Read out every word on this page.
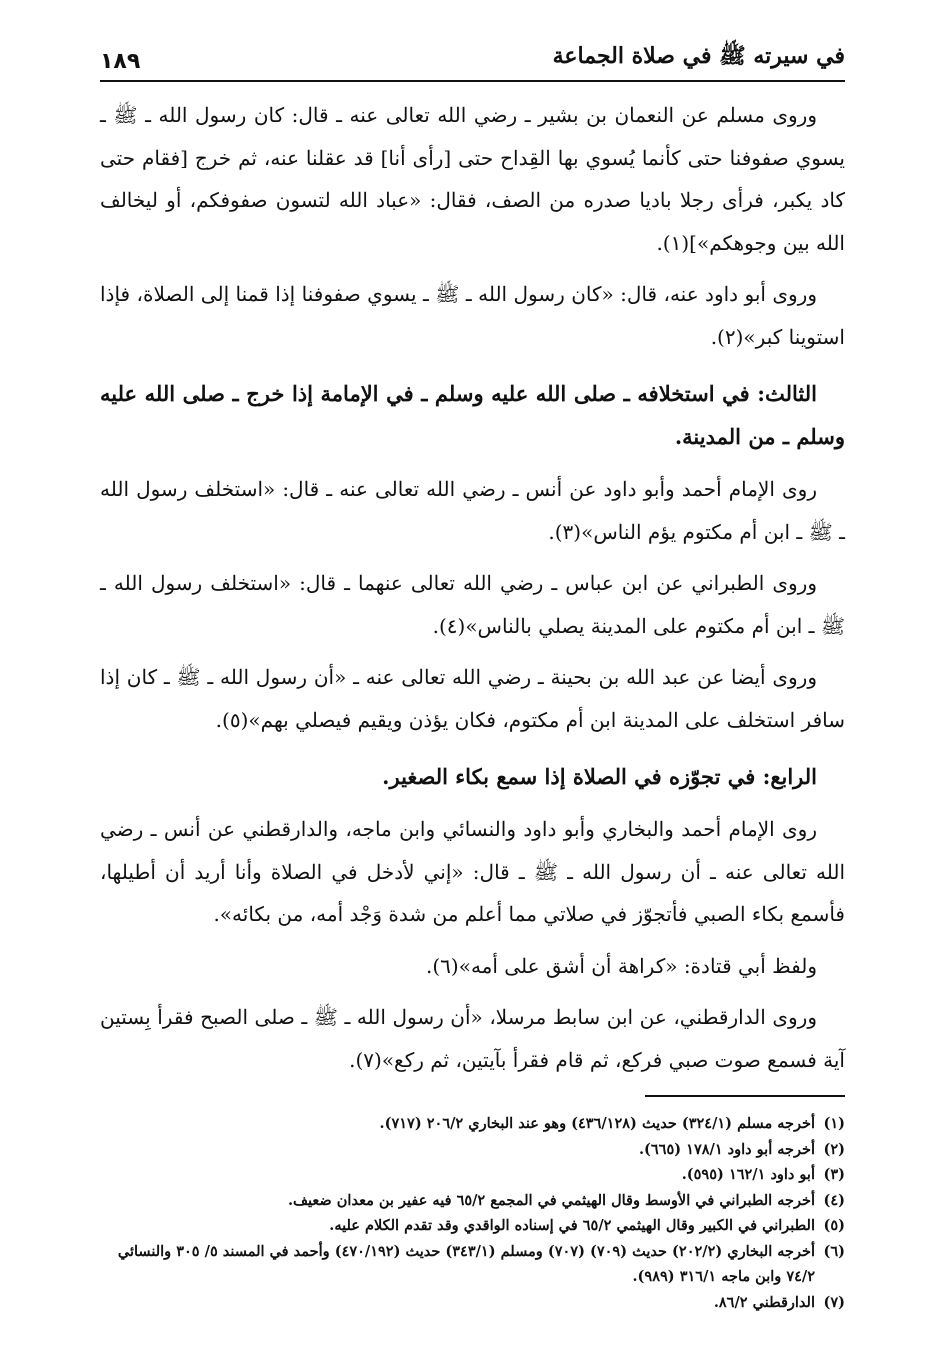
في سيرته ﷺ في صلاة الجماعة
١٨٩

وروى مسلم عن النعمان بن بشير ـ رضي الله تعالى عنه ـ قال: كان رسول الله ـ ﷺ ـ يسوي صفوفنا حتى كأنما يُسوي بها القِداح حتى [رأى أنا] قد عقلنا عنه، ثم خرج [فقام حتى كاد يكبر، فرأى رجلا باديا صدره من الصف، فقال: «عباد الله لتسون صفوفكم، أو ليخالف الله بين وجوهكم»](١).

وروى أبو داود عنه، قال: «كان رسول الله ـ ﷺ ـ يسوي صفوفنا إذا قمنا إلى الصلاة، فإذا استوينا كبر»(٢).

الثالث: في استخلافه ـ صلى الله عليه وسلم ـ في الإمامة إذا خرج ـ صلى الله عليه وسلم ـ من المدينة.

روى الإمام أحمد وأبو داود عن أنس ـ رضي الله تعالى عنه ـ قال: «استخلف رسول الله ـ ﷺ ـ ابن أم مكتوم يؤم الناس»(٣).

وروى الطبراني عن ابن عباس ـ رضي الله تعالى عنهما ـ قال: «استخلف رسول الله ـ ﷺ ـ ابن أم مكتوم على المدينة يصلي بالناس»(٤).

وروى أيضا عن عبد الله بن بحينة ـ رضي الله تعالى عنه ـ «أن رسول الله ـ ﷺ ـ كان إذا سافر استخلف على المدينة ابن أم مكتوم، فكان يؤذن ويقيم فيصلي بهم»(٥).

الرابع: في تجوّزه في الصلاة إذا سمع بكاء الصغير.

روى الإمام أحمد والبخاري وأبو داود والنسائي وابن ماجه، والدارقطني عن أنس ـ رضي الله تعالى عنه ـ أن رسول الله ـ ﷺ ـ قال: «إني لأدخل في الصلاة وأنا أريد أن أطيلها، فأسمع بكاء الصبي فأتجوّز في صلاتي مما أعلم من شدة وَجْد أمه، من بكائه».

ولفظ أبي قتادة: «كراهة أن أشق على أمه»(٦).

وروى الدارقطني، عن ابن سابط مرسلا، «أن رسول الله ـ ﷺ ـ صلى الصبح فقرأ بِستين آية فسمع صوت صبي فركع، ثم قام فقرأ بآيتين، ثم ركع»(٧).

(١)أخرجه مسلم (٣٢٤/١) حديث (٤٣٦/١٢٨) وهو عند البخاري ٢٠٦/٢ (٧١٧).
(٢)أخرجه أبو داود ١٧٨/١ (٦٦٥).
(٣)أبو داود ١٦٢/١ (٥٩٥).
(٤)أخرجه الطبراني في الأوسط وقال الهيثمي في المجمع ٦٥/٢ فيه عفير بن معدان ضعيف.
(٥)الطبراني في الكبير وقال الهيثمي ٦٥/٢ في إسناده الواقدي وقد تقدم الكلام عليه.
(٦)أخرجه البخاري (٢٠٢/٢) حديث (٧٠٩) (٧٠٧) ومسلم (٣٤٣/١) حديث (٤٧٠/١٩٢) وأحمد في المسند ٥/ ٣٠٥ والنسائي ٧٤/٢ وابن ماجه ٣١٦/١ (٩٨٩).
(٧)الدارقطني ٨٦/٢.
